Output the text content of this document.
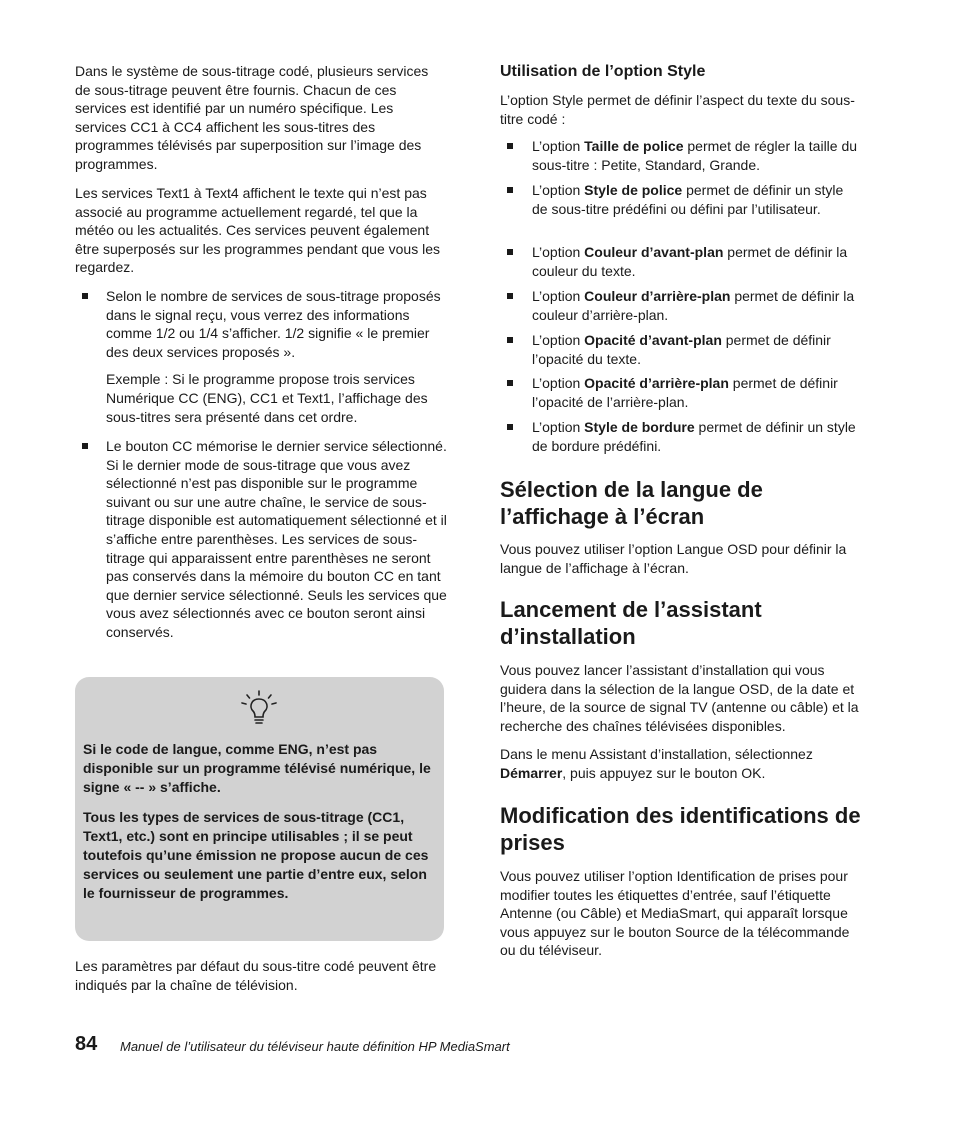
Dans le système de sous-titrage codé, plusieurs services de sous-titrage peuvent être fournis. Chacun de ces services est identifié par un numéro spécifique. Les services CC1 à CC4 affichent les sous-titres des programmes télévisés par superposition sur l’image des programmes.

Les services Text1 à Text4 affichent le texte qui n’est pas associé au programme actuellement regardé, tel que la météo ou les actualités. Ces services peuvent également être superposés sur les programmes pendant que vous les regardez.

Selon le nombre de services de sous-titrage proposés dans le signal reçu, vous verrez des informations comme 1/2 ou 1/4 s’afficher. 1/2 signifie « le premier des deux services proposés ».

Exemple : Si le programme propose trois services Numérique CC (ENG), CC1 et Text1, l’affichage des sous-titres sera présenté dans cet ordre.

Le bouton CC mémorise le dernier service sélectionné. Si le dernier mode de sous-titrage que vous avez sélectionné n’est pas disponible sur le programme suivant ou sur une autre chaîne, le service de sous-titrage disponible est automatiquement sélectionné et il s’affiche entre parenthèses. Les services de sous-titrage qui apparaissent entre parenthèses ne seront pas conservés dans la mémoire du bouton CC en tant que dernier service sélectionné. Seuls les services que vous avez sélectionnés avec ce bouton seront ainsi conservés.

Les paramètres par défaut du sous-titre codé peuvent être indiqués par la chaîne de télévision.

Si le code de langue, comme ENG, n’est pas disponible sur un programme télévisé numérique, le signe « -- » s’affiche.

Tous les types de services de sous-titrage (CC1, Text1, etc.) sont en principe utilisables ; il se peut toutefois qu’une émission ne propose aucun de ces services ou seulement une partie d’entre eux, selon le fournisseur de programmes.

Utilisation de l’option Style

L’option Style permet de définir l’aspect du texte du sous-titre codé :

L’option Taille de police permet de régler la taille du sous-titre : Petite, Standard, Grande.

L’option Style de police permet de définir un style de sous-titre prédéfini ou défini par l’utilisateur.

L’option Couleur d’avant-plan permet de définir la couleur du texte.

L’option Couleur d’arrière-plan permet de définir la couleur d’arrière-plan.

L’option Opacité d’avant-plan permet de définir l’opacité du texte.

L’option Opacité d’arrière-plan permet de définir l’opacité de l’arrière-plan.

L’option Style de bordure permet de définir un style de bordure prédéfini.

Sélection de la langue de l’affichage à l’écran

Vous pouvez utiliser l’option Langue OSD pour définir la langue de l’affichage à l’écran.

Lancement de l’assistant d’installation

Vous pouvez lancer l’assistant d’installation qui vous guidera dans la sélection de la langue OSD, de la date et l’heure, de la source de signal TV (antenne ou câble) et la recherche des chaînes télévisées disponibles.

Dans le menu Assistant d’installation, sélectionnez Démarrer, puis appuyez sur le bouton OK.

Modification des identifications de prises

Vous pouvez utiliser l’option Identification de prises pour modifier toutes les étiquettes d’entrée, sauf l’étiquette Antenne (ou Câble) et MediaSmart, qui apparaît lorsque vous appuyez sur le bouton Source de la télécommande ou du téléviseur.

84 Manuel de l’utilisateur du téléviseur haute définition HP MediaSmart
